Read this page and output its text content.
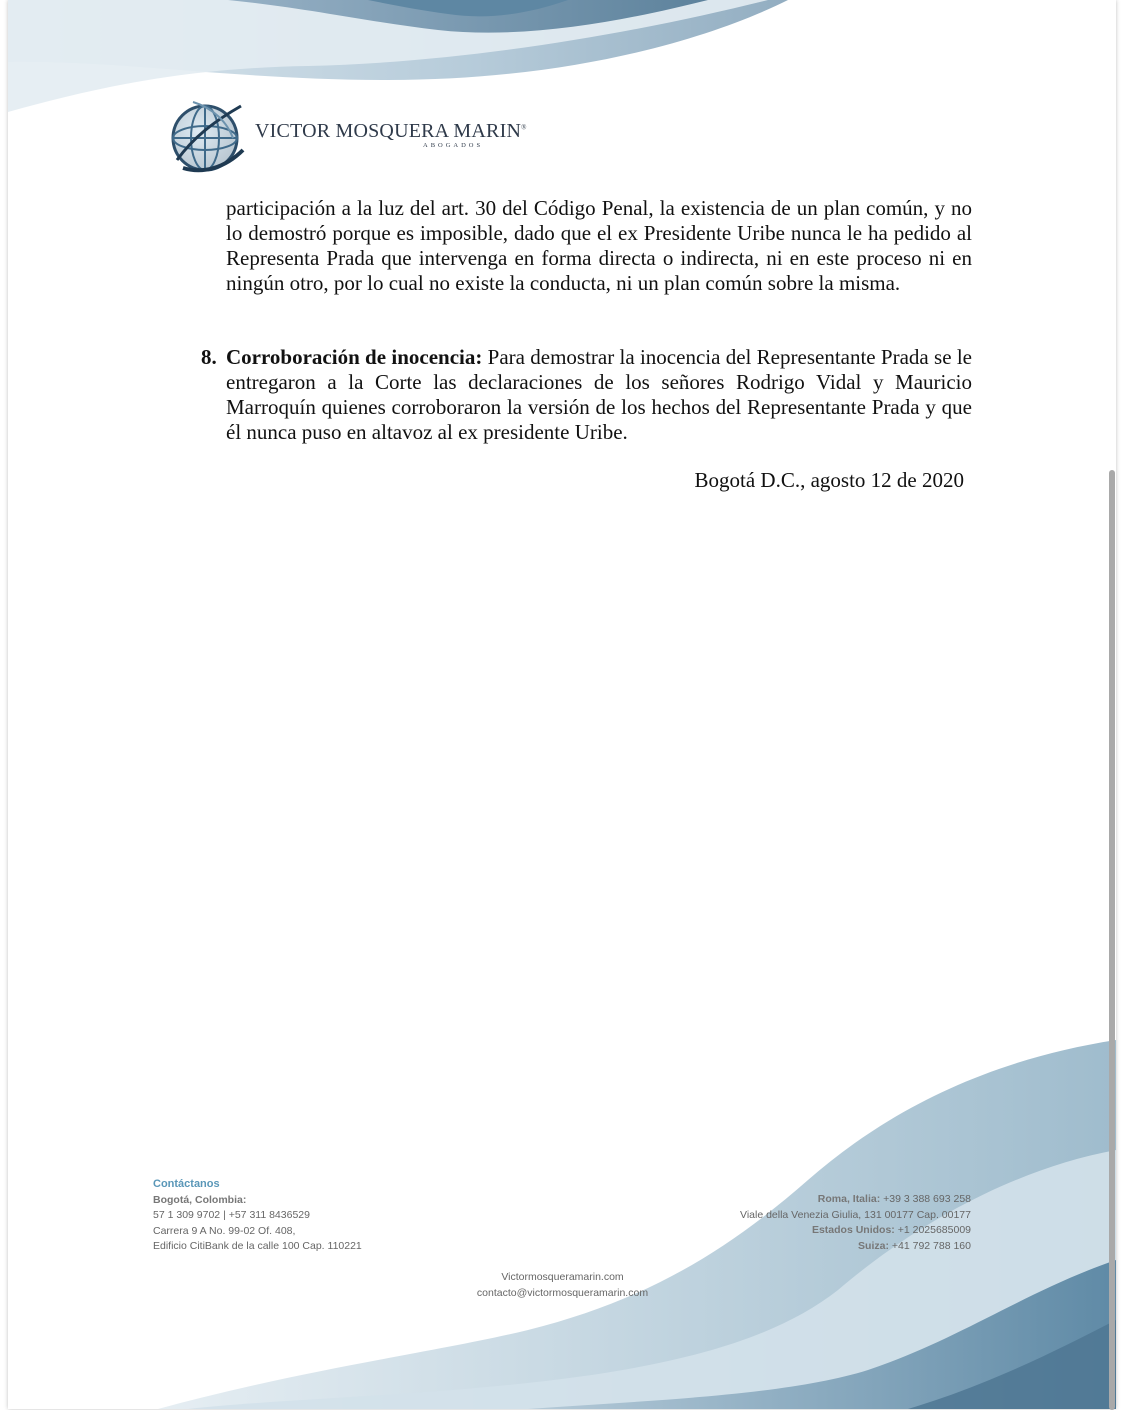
VICTOR MOSQUERA MARIN®
ABOGADOS
participación a la luz del art. 30 del Código Penal, la existencia de un plan común, y no lo demostró porque es imposible, dado que el ex Presidente Uribe nunca le ha pedido al Representa Prada que intervenga en forma directa o indirecta, ni en este proceso ni en ningún otro, por lo cual no existe la conducta, ni un plan común sobre la misma.
8. Corroboración de inocencia: Para demostrar la inocencia del Representante Prada se le entregaron a la Corte las declaraciones de los señores Rodrigo Vidal y Mauricio Marroquín quienes corroboraron la versión de los hechos del Representante Prada y que él nunca puso en altavoz al ex presidente Uribe.
Bogotá D.C., agosto 12 de 2020
Contáctanos
Bogotá, Colombia:
57 1 309 9702 | +57 311 8436529
Carrera 9 A No. 99-02 Of. 408,
Edificio CitiBank de la calle 100 Cap. 110221
Roma, Italia: +39 3 388 693 258
Viale della Venezia Giulia, 131 00177 Cap. 00177
Estados Unidos: +1 2025685009
Suiza: +41 792 788 160
Victormosqueramarin.com
contacto@victormosqueramarin.com
